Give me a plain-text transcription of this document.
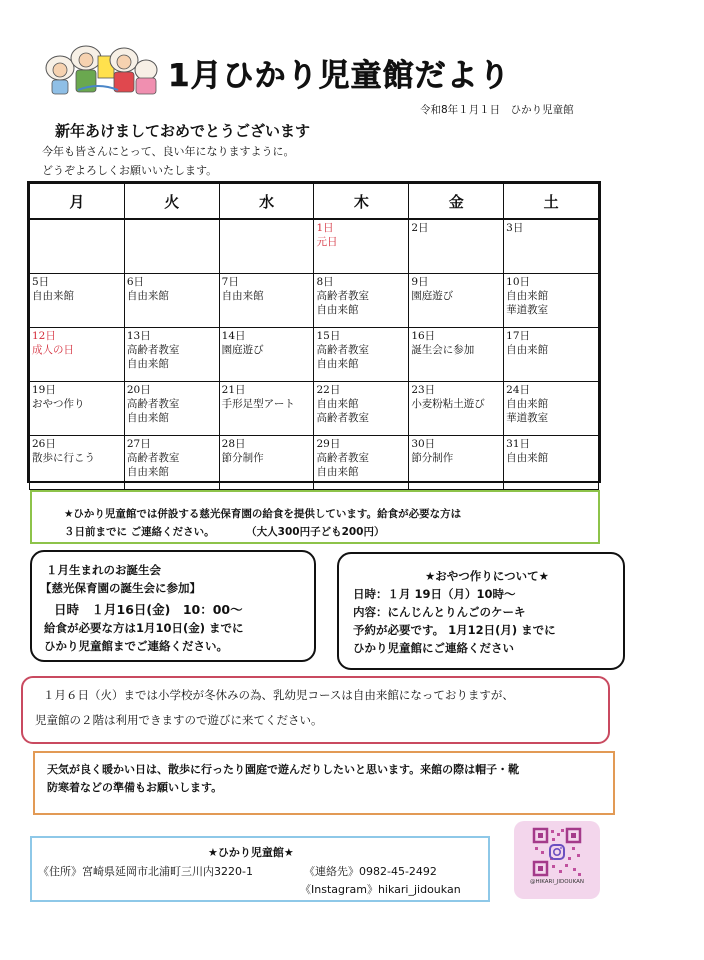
1月ひかり児童館だより
令和8年１月１日　ひかり児童館
新年あけましておめでとうございます
今年も皆さんにとって、良い年になりますように。
どうぞよろしくお願いいたします。
月	火	水	木	金	土

			1日
元日	2日	3日

5日
自由来館	6日
自由来館	7日
自由来館	8日
高齢者教室
自由来館	9日
園庭遊び	10日
自由来館
華道教室

12日
成人の日	13日
高齢者教室
自由来館	14日
園庭遊び	15日
高齢者教室
自由来館	16日
誕生会に参加	17日
自由来館

19日
おやつ作り	20日
高齢者教室
自由来館	21日
手形足型アート	22日
自由来館
高齢者教室	23日
小麦粉粘土遊び	24日
自由来館
華道教室

26日
散歩に行こう	27日
高齢者教室
自由来館	28日
節分制作	29日
高齢者教室
自由来館	30日
節分制作	31日
自由来館
★ひかり児童館では併設する慈光保育園の給食を提供しています。給食が必要な方は
３日前までに ご連絡ください。　　　　（大人300円子ども200円）
１月生まれのお誕生会
【慈光保育園の誕生会に参加】
日時　１月16日(金)　10：00～
給食が必要な方は1月10日(金) までに
ひかり児童館までご連絡ください。
★おやつ作りについて★
日時：１月 19日（月）10時～
内容：にんじんとりんごのケーキ
予約が必要です。 1月12日(月) までに
ひかり児童館にご連絡ください
１月６日（火）までは小学校が冬休みの為、乳幼児コースは自由来館になっておりますが、
児童館の２階は利用できますので遊びに来てください。
天気が良く暖かい日は、散歩に行ったり園庭で遊んだりしたいと思います。来館の際は帽子・靴
防寒着などの準備もお願いします。
★ひかり児童館★
《住所》宮崎県延岡市北浦町三川内3220-1	《連絡先》0982-45-2492
《Instagram》hikari_jidoukan
@HIKARI_JIDOUKAN
